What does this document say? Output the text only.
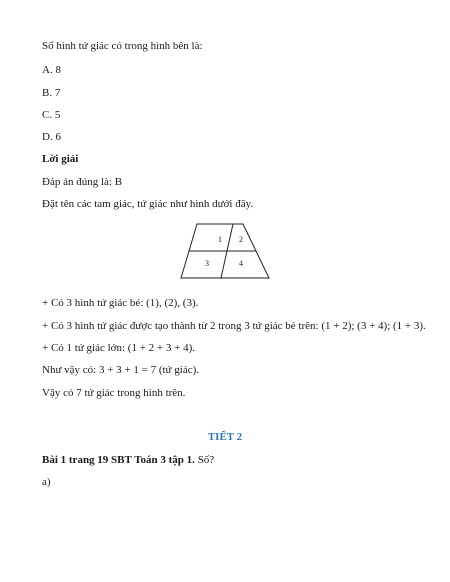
Số hình tứ giác có trong hình bên là:
A. 8
B. 7
C. 5
D. 6
Lời giải
Đáp án đúng là: B
Đặt tên các tam giác, tứ giác như hình dưới đây.
1 2
3	4
+ Có 3 hình tứ giác bé: (1), (2), (3).
+ Có 3 hình tứ giác được tạo thành từ 2 trong 3 tứ giác bé trên: (1 + 2); (3 + 4); (1 + 3).
+ Có 1 tứ giác lớn: (1 + 2 + 3 + 4).
Như vậy có: 3 + 3 + 1 = 7 (tứ giác).
Vậy có 7 tứ giác trong hình trên.
TIẾT 2
Bài 1 trang 19 SBT Toán 3 tập 1. Số?
a)
